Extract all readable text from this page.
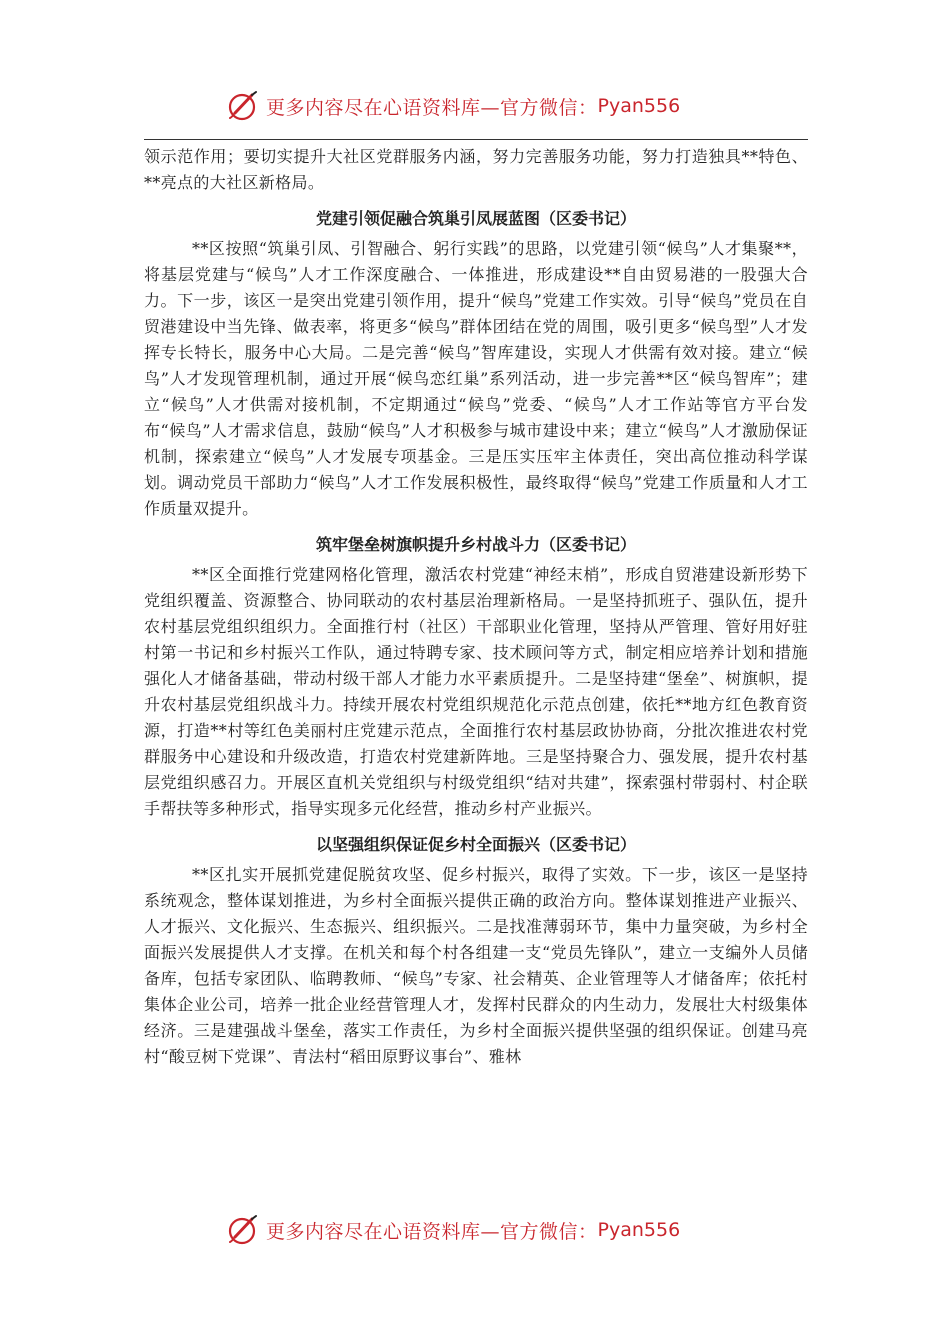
更多内容尽在心语资料库—官方微信： Pyan556

领示范作用；要切实提升大社区党群服务内涵，努力完善服务功能，努力打造独具**特色、**亮点的大社区新格局。

党建引领促融合筑巢引凤展蓝图（区委书记）

**区按照“筑巢引凤、引智融合、躬行实践”的思路，以党建引领“候鸟”人才集聚**，将基层党建与“候鸟”人才工作深度融合、一体推进，形成建设**自由贸易港的一股强大合力。下一步，该区一是突出党建引领作用，提升“候鸟”党建工作实效。引导“候鸟”党员在自贸港建设中当先锋、做表率，将更多“候鸟”群体团结在党的周围，吸引更多“候鸟型”人才发挥专长特长，服务中心大局。二是完善“候鸟”智库建设，实现人才供需有效对接。建立“候鸟”人才发现管理机制，通过开展“候鸟恋红巢”系列活动，进一步完善**区“候鸟智库”；建立“候鸟”人才供需对接机制，不定期通过“候鸟”党委、“候鸟”人才工作站等官方平台发布“候鸟”人才需求信息，鼓励“候鸟”人才积极参与城市建设中来；建立“候鸟”人才激励保证机制，探索建立“候鸟”人才发展专项基金。三是压实压牢主体责任，突出高位推动科学谋划。调动党员干部助力“候鸟”人才工作发展积极性，最终取得“候鸟”党建工作质量和人才工作质量双提升。

筑牢堡垒树旗帜提升乡村战斗力（区委书记）

**区全面推行党建网格化管理，激活农村党建“神经末梢”，形成自贸港建设新形势下党组织覆盖、资源整合、协同联动的农村基层治理新格局。一是坚持抓班子、强队伍，提升农村基层党组织组织力。全面推行村（社区）干部职业化管理，坚持从严管理、管好用好驻村第一书记和乡村振兴工作队，通过特聘专家、技术顾问等方式，制定相应培养计划和措施强化人才储备基础，带动村级干部人才能力水平素质提升。二是坚持建“堡垒”、树旗帜，提升农村基层党组织战斗力。持续开展农村党组织规范化示范点创建，依托**地方红色教育资源，打造**村等红色美丽村庄党建示范点，全面推行农村基层政协协商，分批次推进农村党群服务中心建设和升级改造，打造农村党建新阵地。三是坚持聚合力、强发展，提升农村基层党组织感召力。开展区直机关党组织与村级党组织“结对共建”，探索强村带弱村、村企联手帮扶等多种形式，指导实现多元化经营，推动乡村产业振兴。

以坚强组织保证促乡村全面振兴（区委书记）

**区扎实开展抓党建促脱贫攻坚、促乡村振兴，取得了实效。下一步，该区一是坚持系统观念，整体谋划推进，为乡村全面振兴提供正确的政治方向。整体谋划推进产业振兴、人才振兴、文化振兴、生态振兴、组织振兴。二是找准薄弱环节，集中力量突破，为乡村全面振兴发展提供人才支撑。在机关和每个村各组建一支“党员先锋队”，建立一支编外人员储备库，包括专家团队、临聘教师、“候鸟”专家、社会精英、企业管理等人才储备库；依托村集体企业公司，培养一批企业经营管理人才，发挥村民群众的内生动力，发展壮大村级集体经济。三是建强战斗堡垒，落实工作责任，为乡村全面振兴提供坚强的组织保证。创建马亮村“酸豆树下党课”、青法村“稻田原野议事台”、雅林

更多内容尽在心语资料库—官方微信： Pyan556
